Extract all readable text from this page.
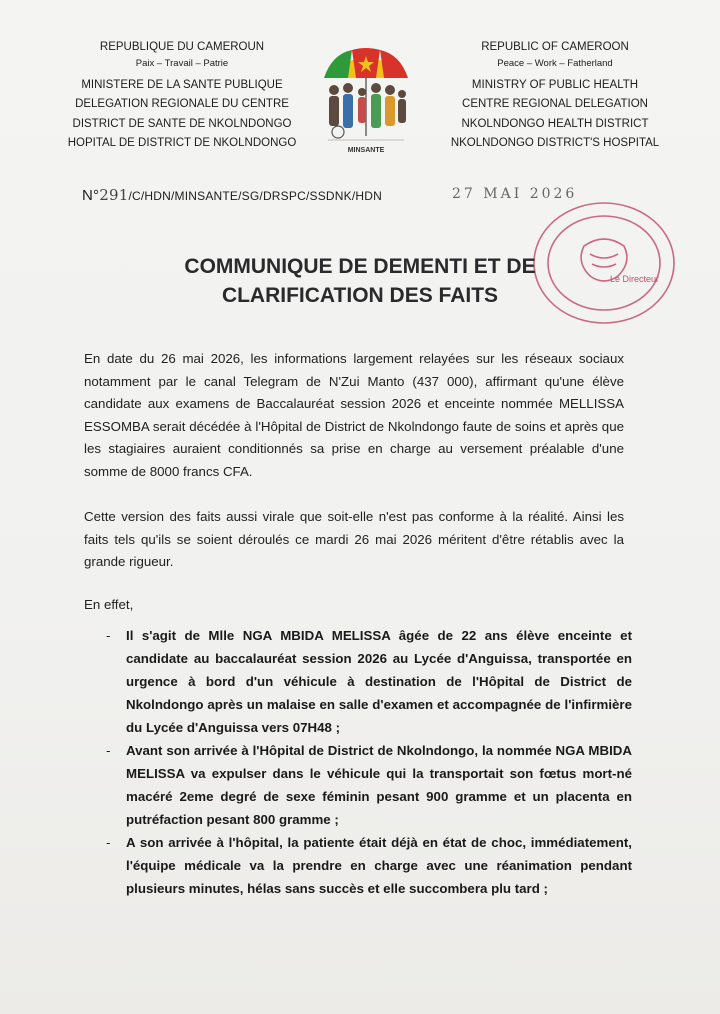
REPUBLIQUE DU CAMEROUN
Paix – Travail – Patrie
MINISTERE DE LA SANTE PUBLIQUE
DELEGATION REGIONALE DU CENTRE
DISTRICT DE SANTE DE NKOLNDONGO
HOPITAL DE DISTRICT DE NKOLNDONGO
MINSANTE
REPUBLIC OF CAMEROON
Peace – Work – Fatherland
MINISTRY OF PUBLIC HEALTH
CENTRE REGIONAL DELEGATION
NKOLNDONGO HEALTH DISTRICT
NKOLNDONGO DISTRICT'S HOSPITAL
N°291/C/HDN/MINSANTE/SG/DRSPC/SSDNK/HDN	27 MAI 2026
Le Directeur
COMMUNIQUE DE DEMENTI ET DE
CLARIFICATION DES FAITS
En date du 26 mai 2026, les informations largement relayées sur les réseaux sociaux notamment par le canal Telegram de N'Zui Manto (437 000), affirmant qu'une élève candidate aux examens de Baccalauréat session 2026 et enceinte nommée MELLISSA ESSOMBA serait décédée à l'Hôpital de District de Nkolndongo faute de soins et après que les stagiaires auraient conditionnés sa prise en charge au versement préalable d'une somme de 8000 francs CFA.
Cette version des faits aussi virale que soit-elle n'est pas conforme à la réalité. Ainsi les faits tels qu'ils se soient déroulés ce mardi 26 mai 2026 méritent d'être rétablis avec la grande rigueur.
En effet,
- Il s'agit de Mlle NGA MBIDA MELISSA âgée de 22 ans élève enceinte et candidate au baccalauréat session 2026 au Lycée d'Anguissa, transportée en urgence à bord d'un véhicule à destination de l'Hôpital de District de Nkolndongo après un malaise en salle d'examen et accompagnée de l'infirmière du Lycée d'Anguissa vers 07H48 ;
- Avant son arrivée à l'Hôpital de District de Nkolndongo, la nommée NGA MBIDA MELISSA va expulser dans le véhicule qui la transportait son fœtus mort-né macéré 2eme degré de sexe féminin pesant 900 gramme et un placenta en putréfaction pesant 800 gramme ;
- A son arrivée à l'hôpital, la patiente était déjà en état de choc, immédiatement, l'équipe médicale va la prendre en charge avec une réanimation pendant plusieurs minutes, hélas sans succès et elle succombera plu tard ;
